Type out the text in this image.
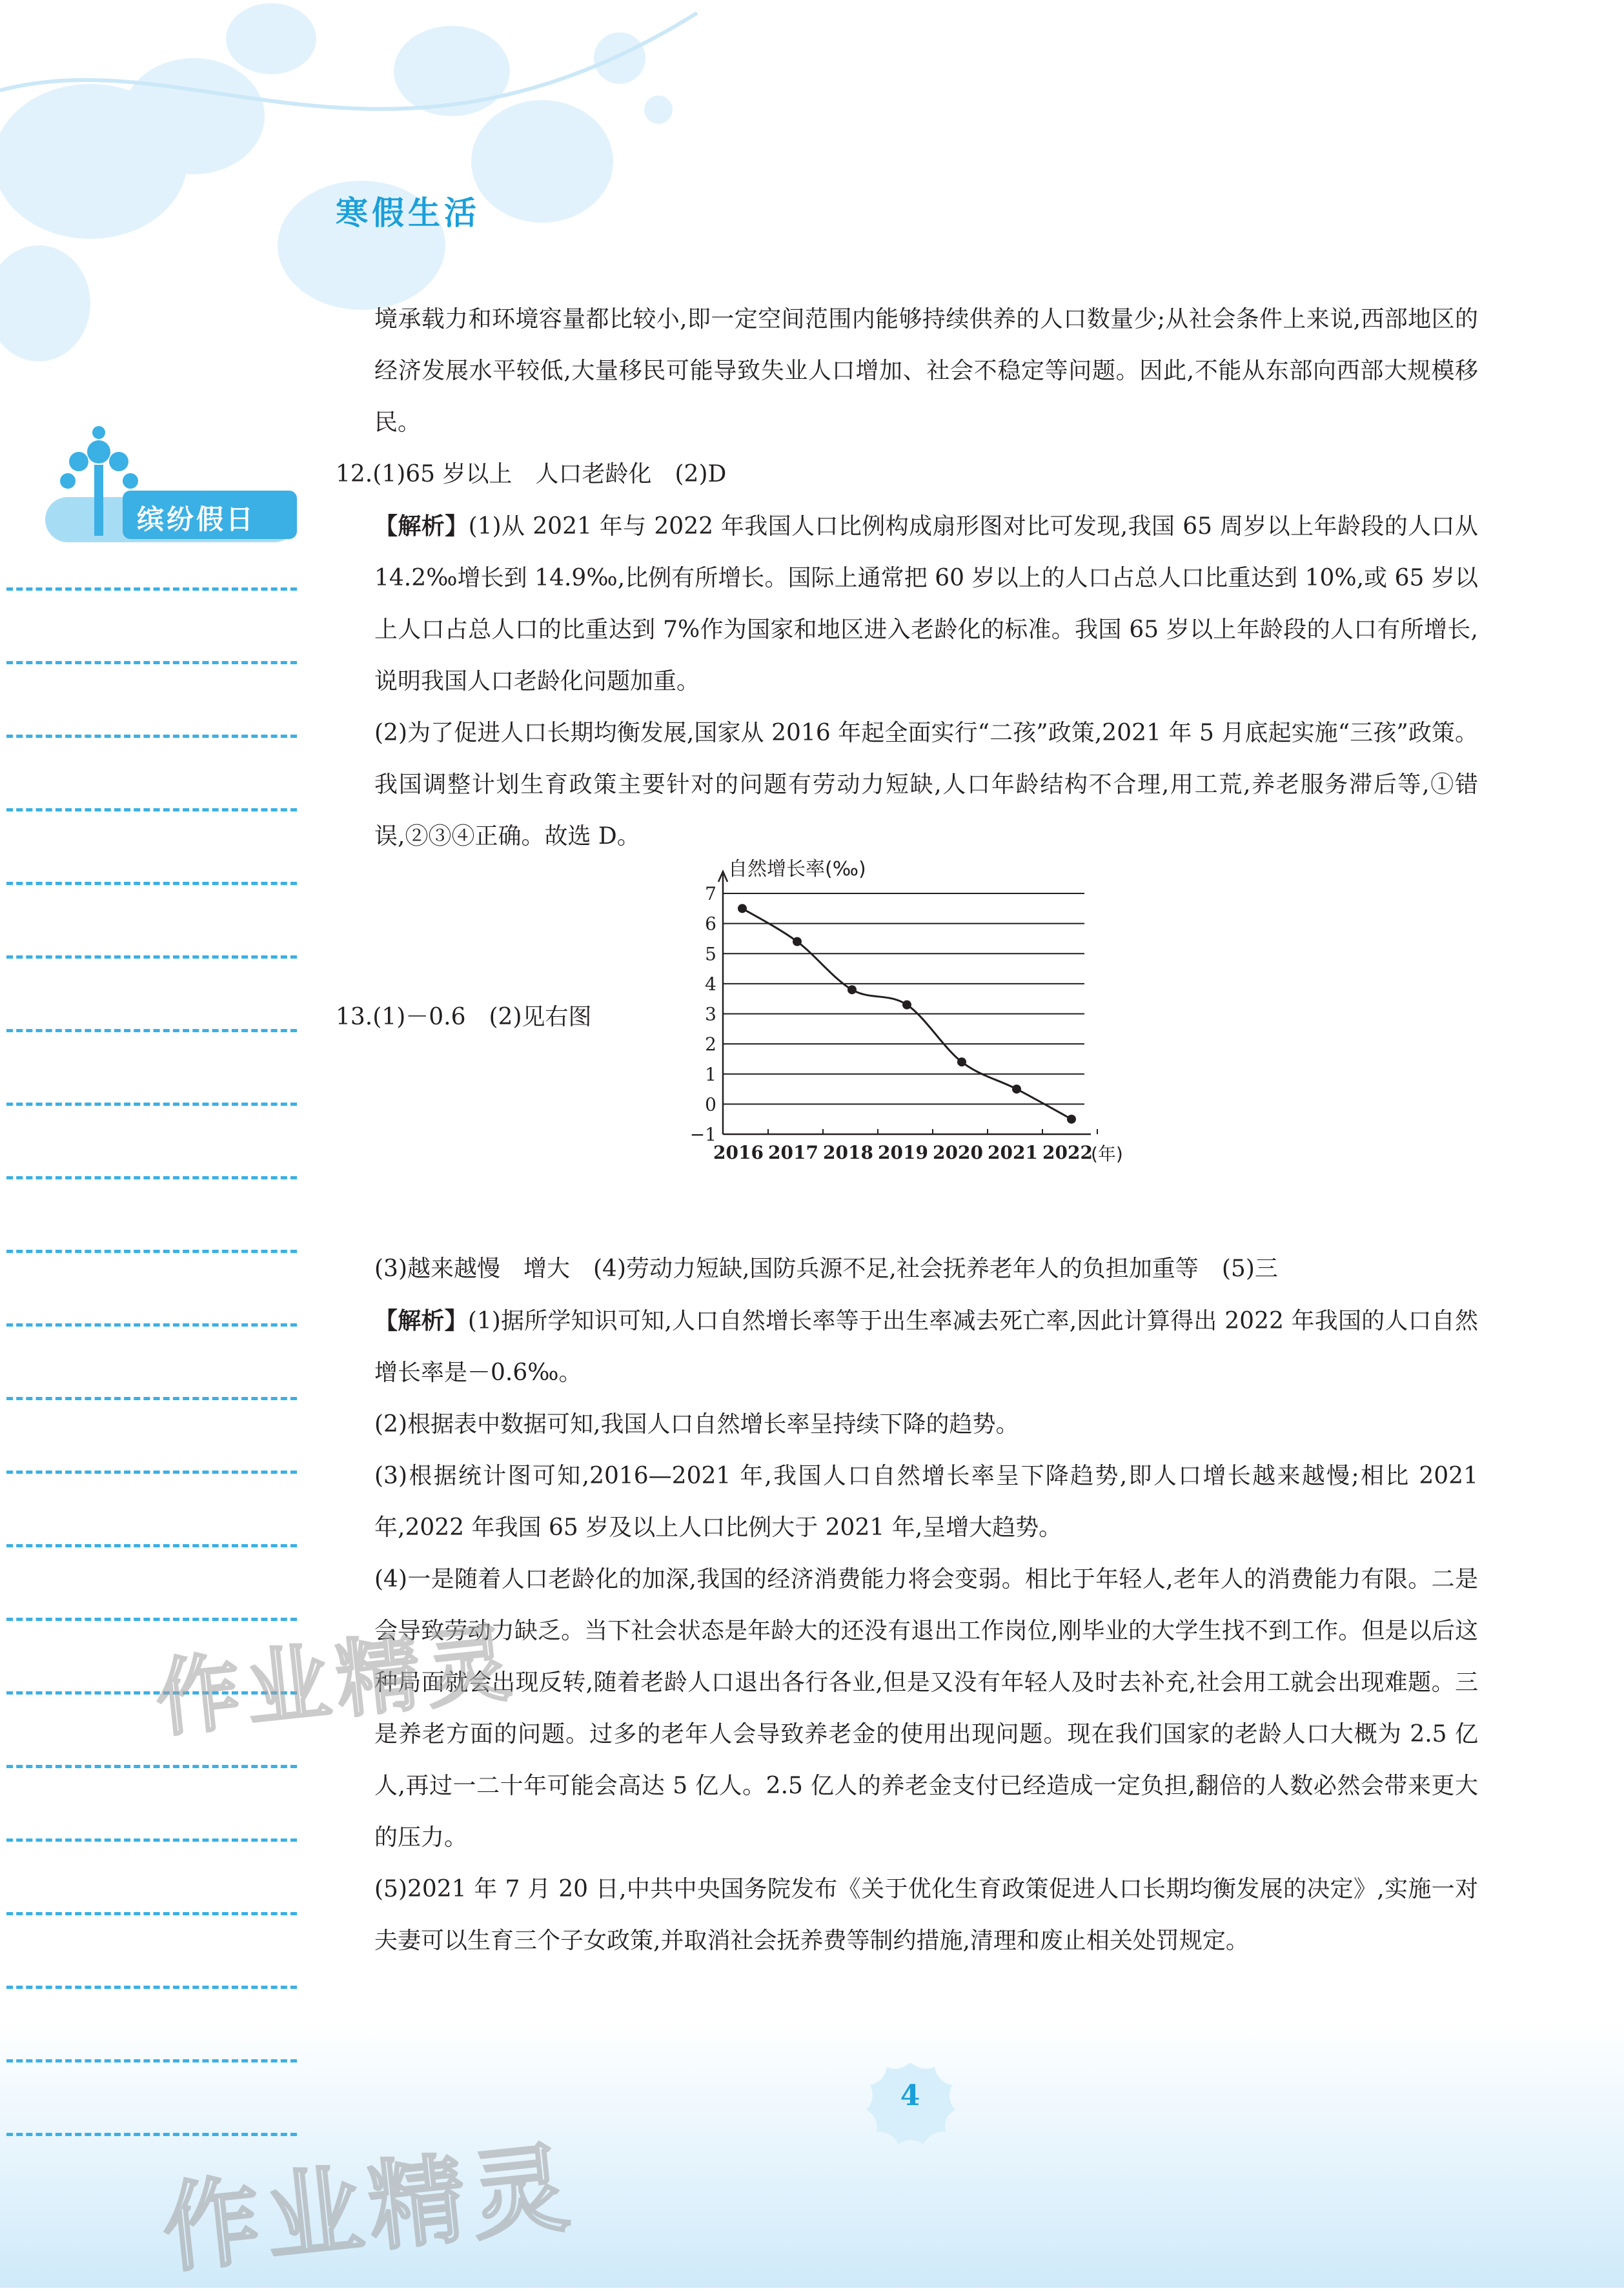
寒假生活
缤纷假日

境承载力和环境容量都比较小,即一定空间范围内能够持续供养的人口数量少;从社会条件上来说,西部地区的经济发展水平较低,大量移民可能导致失业人口增加、社会不稳定等问题。因此,不能从东部向西部大规模移民。

12.(1)65 岁以上　人口老龄化　(2)D

【解析】(1)从 2021 年与 2022 年我国人口比例构成扇形图对比可发现,我国 65 周岁以上年龄段的人口从 14.2‰增长到 14.9‰,比例有所增长。国际上通常把 60 岁以上的人口占总人口比重达到 10%,或 65 岁以上人口占总人口的比重达到 7%作为国家和地区进入老龄化的标准。我国 65 岁以上年龄段的人口有所增长,说明我国人口老龄化问题加重。

(2)为了促进人口长期均衡发展,国家从 2016 年起全面实行“二孩”政策,2021 年 5 月底起实施“三孩”政策。我国调整计划生育政策主要针对的问题有劳动力短缺,人口年龄结构不合理,用工荒,养老服务滞后等,①错误,②③④正确。故选 D。

(3)越来越慢　增大　(4)劳动力短缺,国防兵源不足,社会抚养老年人的负担加重等　(5)三

【解析】(1)据所学知识可知,人口自然增长率等于出生率减去死亡率,因此计算得出 2022 年我国的人口自然增长率是－0.6‰。

(2)根据表中数据可知,我国人口自然增长率呈持续下降的趋势。

(3)根据统计图可知,2016—2021 年,我国人口自然增长率呈下降趋势,即人口增长越来越慢;相比 2021 年,2022 年我国 65 岁及以上人口比例大于 2021 年,呈增大趋势。

(4)一是随着人口老龄化的加深,我国的经济消费能力将会变弱。相比于年轻人,老年人的消费能力有限。二是会导致劳动力缺乏。当下社会状态是年龄大的还没有退出工作岗位,刚毕业的大学生找不到工作。但是以后这种局面就会出现反转,随着老龄人口退出各行各业,但是又没有年轻人及时去补充,社会用工就会出现难题。三是养老方面的问题。过多的老年人会导致养老金的使用出现问题。现在我们国家的老龄人口大概为 2.5 亿人,再过一二十年可能会高达 5 亿人。2.5 亿人的养老金支付已经造成一定负担,翻倍的人数必然会带来更大的压力。

(5)2021 年 7 月 20 日,中共中央国务院发布《关于优化生育政策促进人口长期均衡发展的决定》,实施一对夫妻可以生育三个子女政策,并取消社会抚养费等制约措施,清理和废止相关处罚规定。

13.(1)－0.6　(2)见右图
自然增长率(‰)
(年)
7
6
5
4
3
2
1
0
−1
2016 2017 2018 2019 2020 2021 2022
4
作业精灵
作业精灵
